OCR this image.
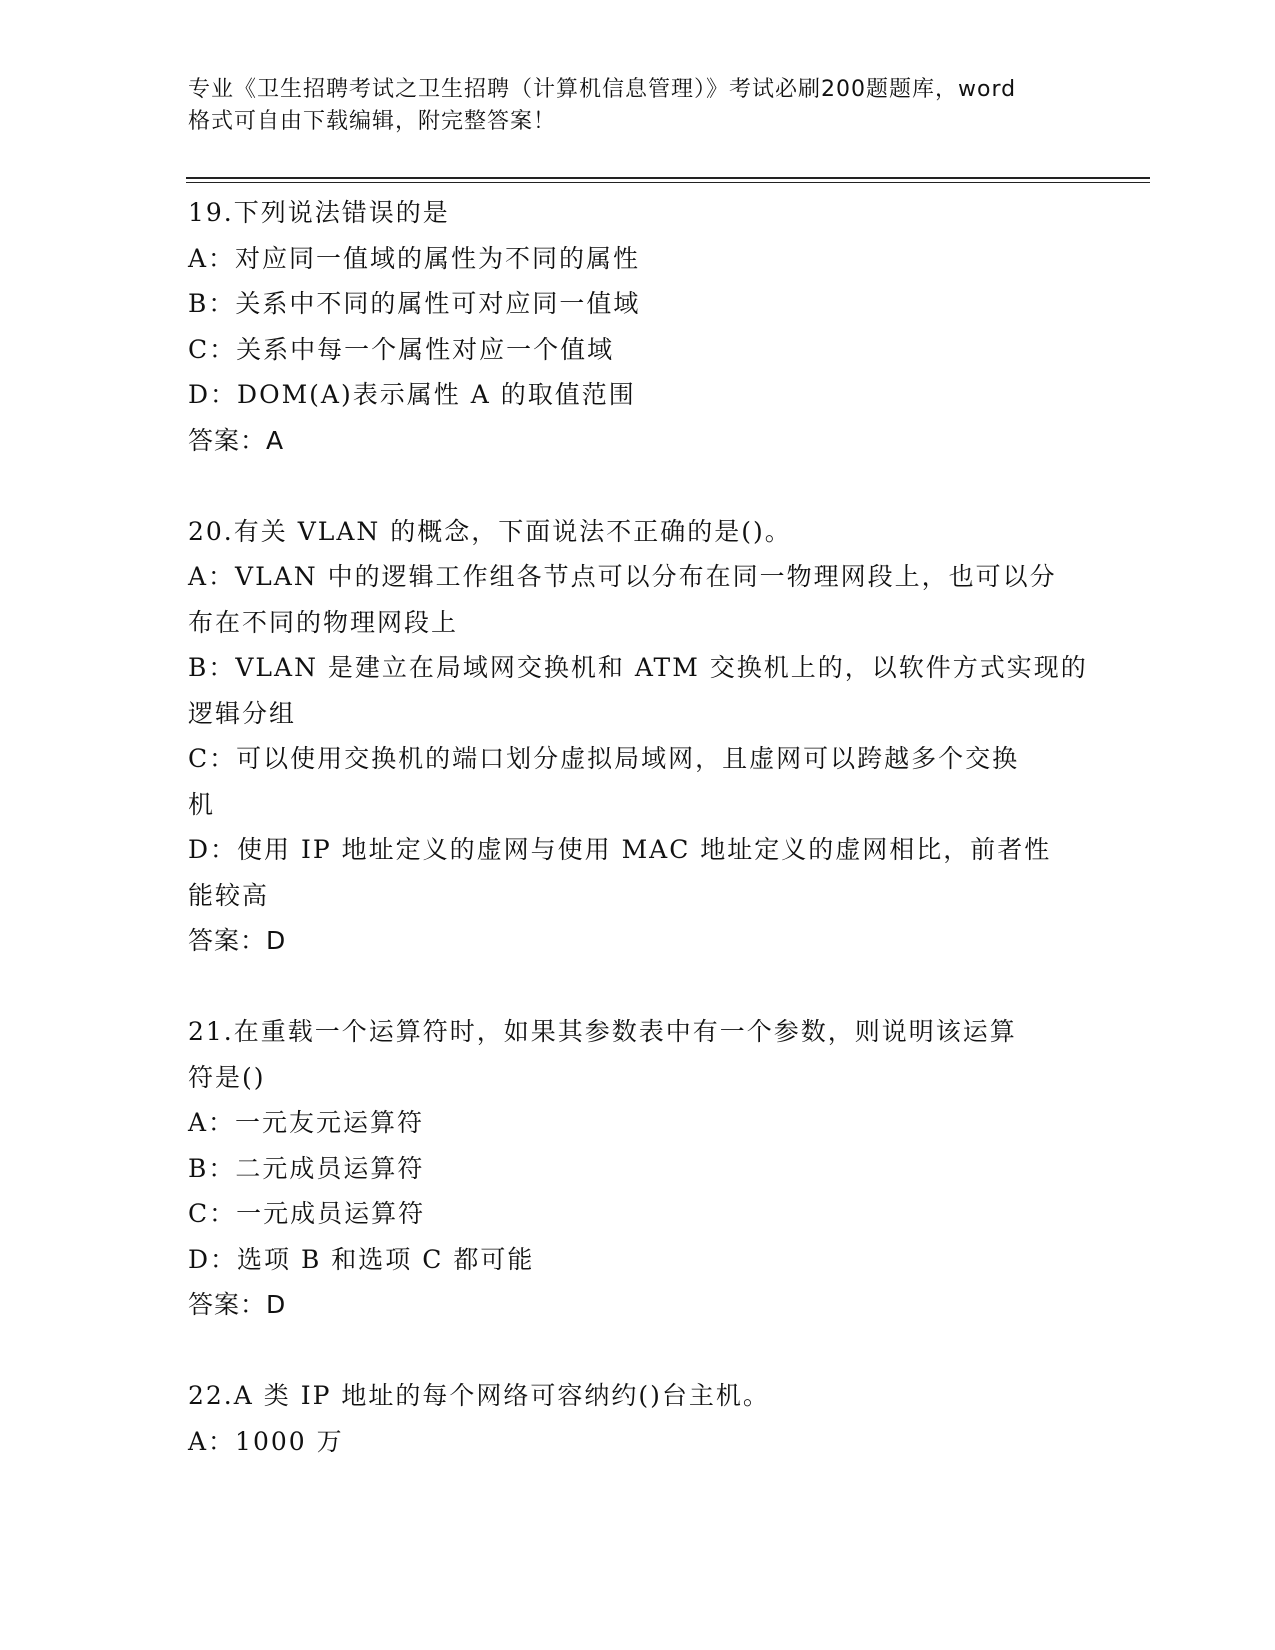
专业《卫生招聘考试之卫生招聘（计算机信息管理）》考试必刷200题题库，word
格式可自由下载编辑，附完整答案！
19.下列说法错误的是
A：对应同一值域的属性为不同的属性
B：关系中不同的属性可对应同一值域
C：关系中每一个属性对应一个值域
D：DOM(A)表示属性 A 的取值范围
答案：A
20.有关 VLAN 的概念，下面说法不正确的是()。
A：VLAN 中的逻辑工作组各节点可以分布在同一物理网段上，也可以分
布在不同的物理网段上
B：VLAN 是建立在局域网交换机和 ATM 交换机上的，以软件方式实现的
逻辑分组
C：可以使用交换机的端口划分虚拟局域网，且虚网可以跨越多个交换
机
D：使用 IP 地址定义的虚网与使用 MAC 地址定义的虚网相比，前者性
能较高
答案：D
21.在重载一个运算符时，如果其参数表中有一个参数，则说明该运算
符是()
A：一元友元运算符
B：二元成员运算符
C：一元成员运算符
D：选项 B 和选项 C 都可能
答案：D
22.A 类 IP 地址的每个网络可容纳约()台主机。
A：1000 万
